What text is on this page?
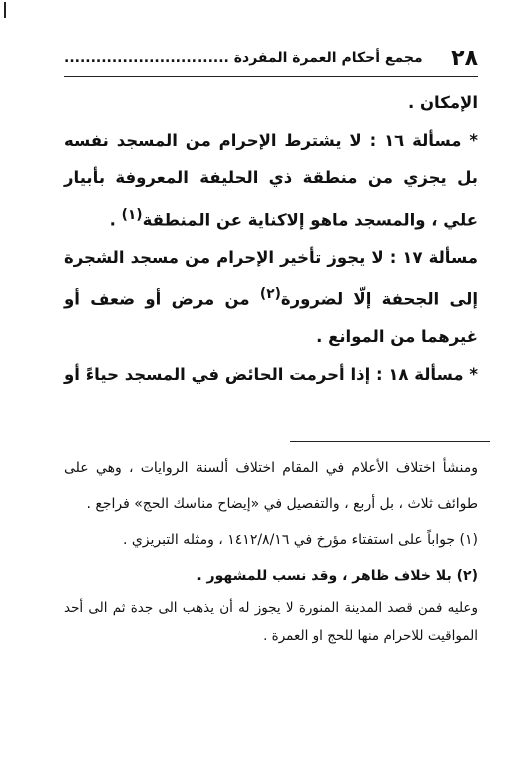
٢٨
مجمع أحكام العمرة المفردة ...............................

الإمكان .

* مسألة ١٦ : لا يشترط الإحرام من المسجد نفسه بل يجزي من منطقة ذي الحليفة المعروفة بأبيار علي ، والمسجد ماهو إلاكناية عن المنطقة$^{(١)}$ .

مسألة ١٧ : لا يجوز تأخير الإحرام من مسجد الشجرة إلى الجحفة إلّا لضرورة$^{(٢)}$ من مرض أو ضعف أو غيرهما من الموانع .

* مسألة ١٨ : إذا أحرمت الحائض في المسجد حياءً أو

ومنشأ اختلاف الأعلام في المقام اختلاف ألسنة الروايات ، وهي على طوائف ثلاث ، بل أربع ، والتفصيل في «إيضاح مناسك الحج» فراجع .

(١) جواباً على استفتاء مؤرخ في ١٤١٢/٨/١٦ ، ومثله التبريزي .

(٢) بلا خلاف ظاهر ، وقد نسب للمشهور .

وعليه فمن قصد المدينة المنورة لا يجوز له أن يذهب الى جدة ثم الى أحد المواقيت للاحرام منها للحج او العمرة .
